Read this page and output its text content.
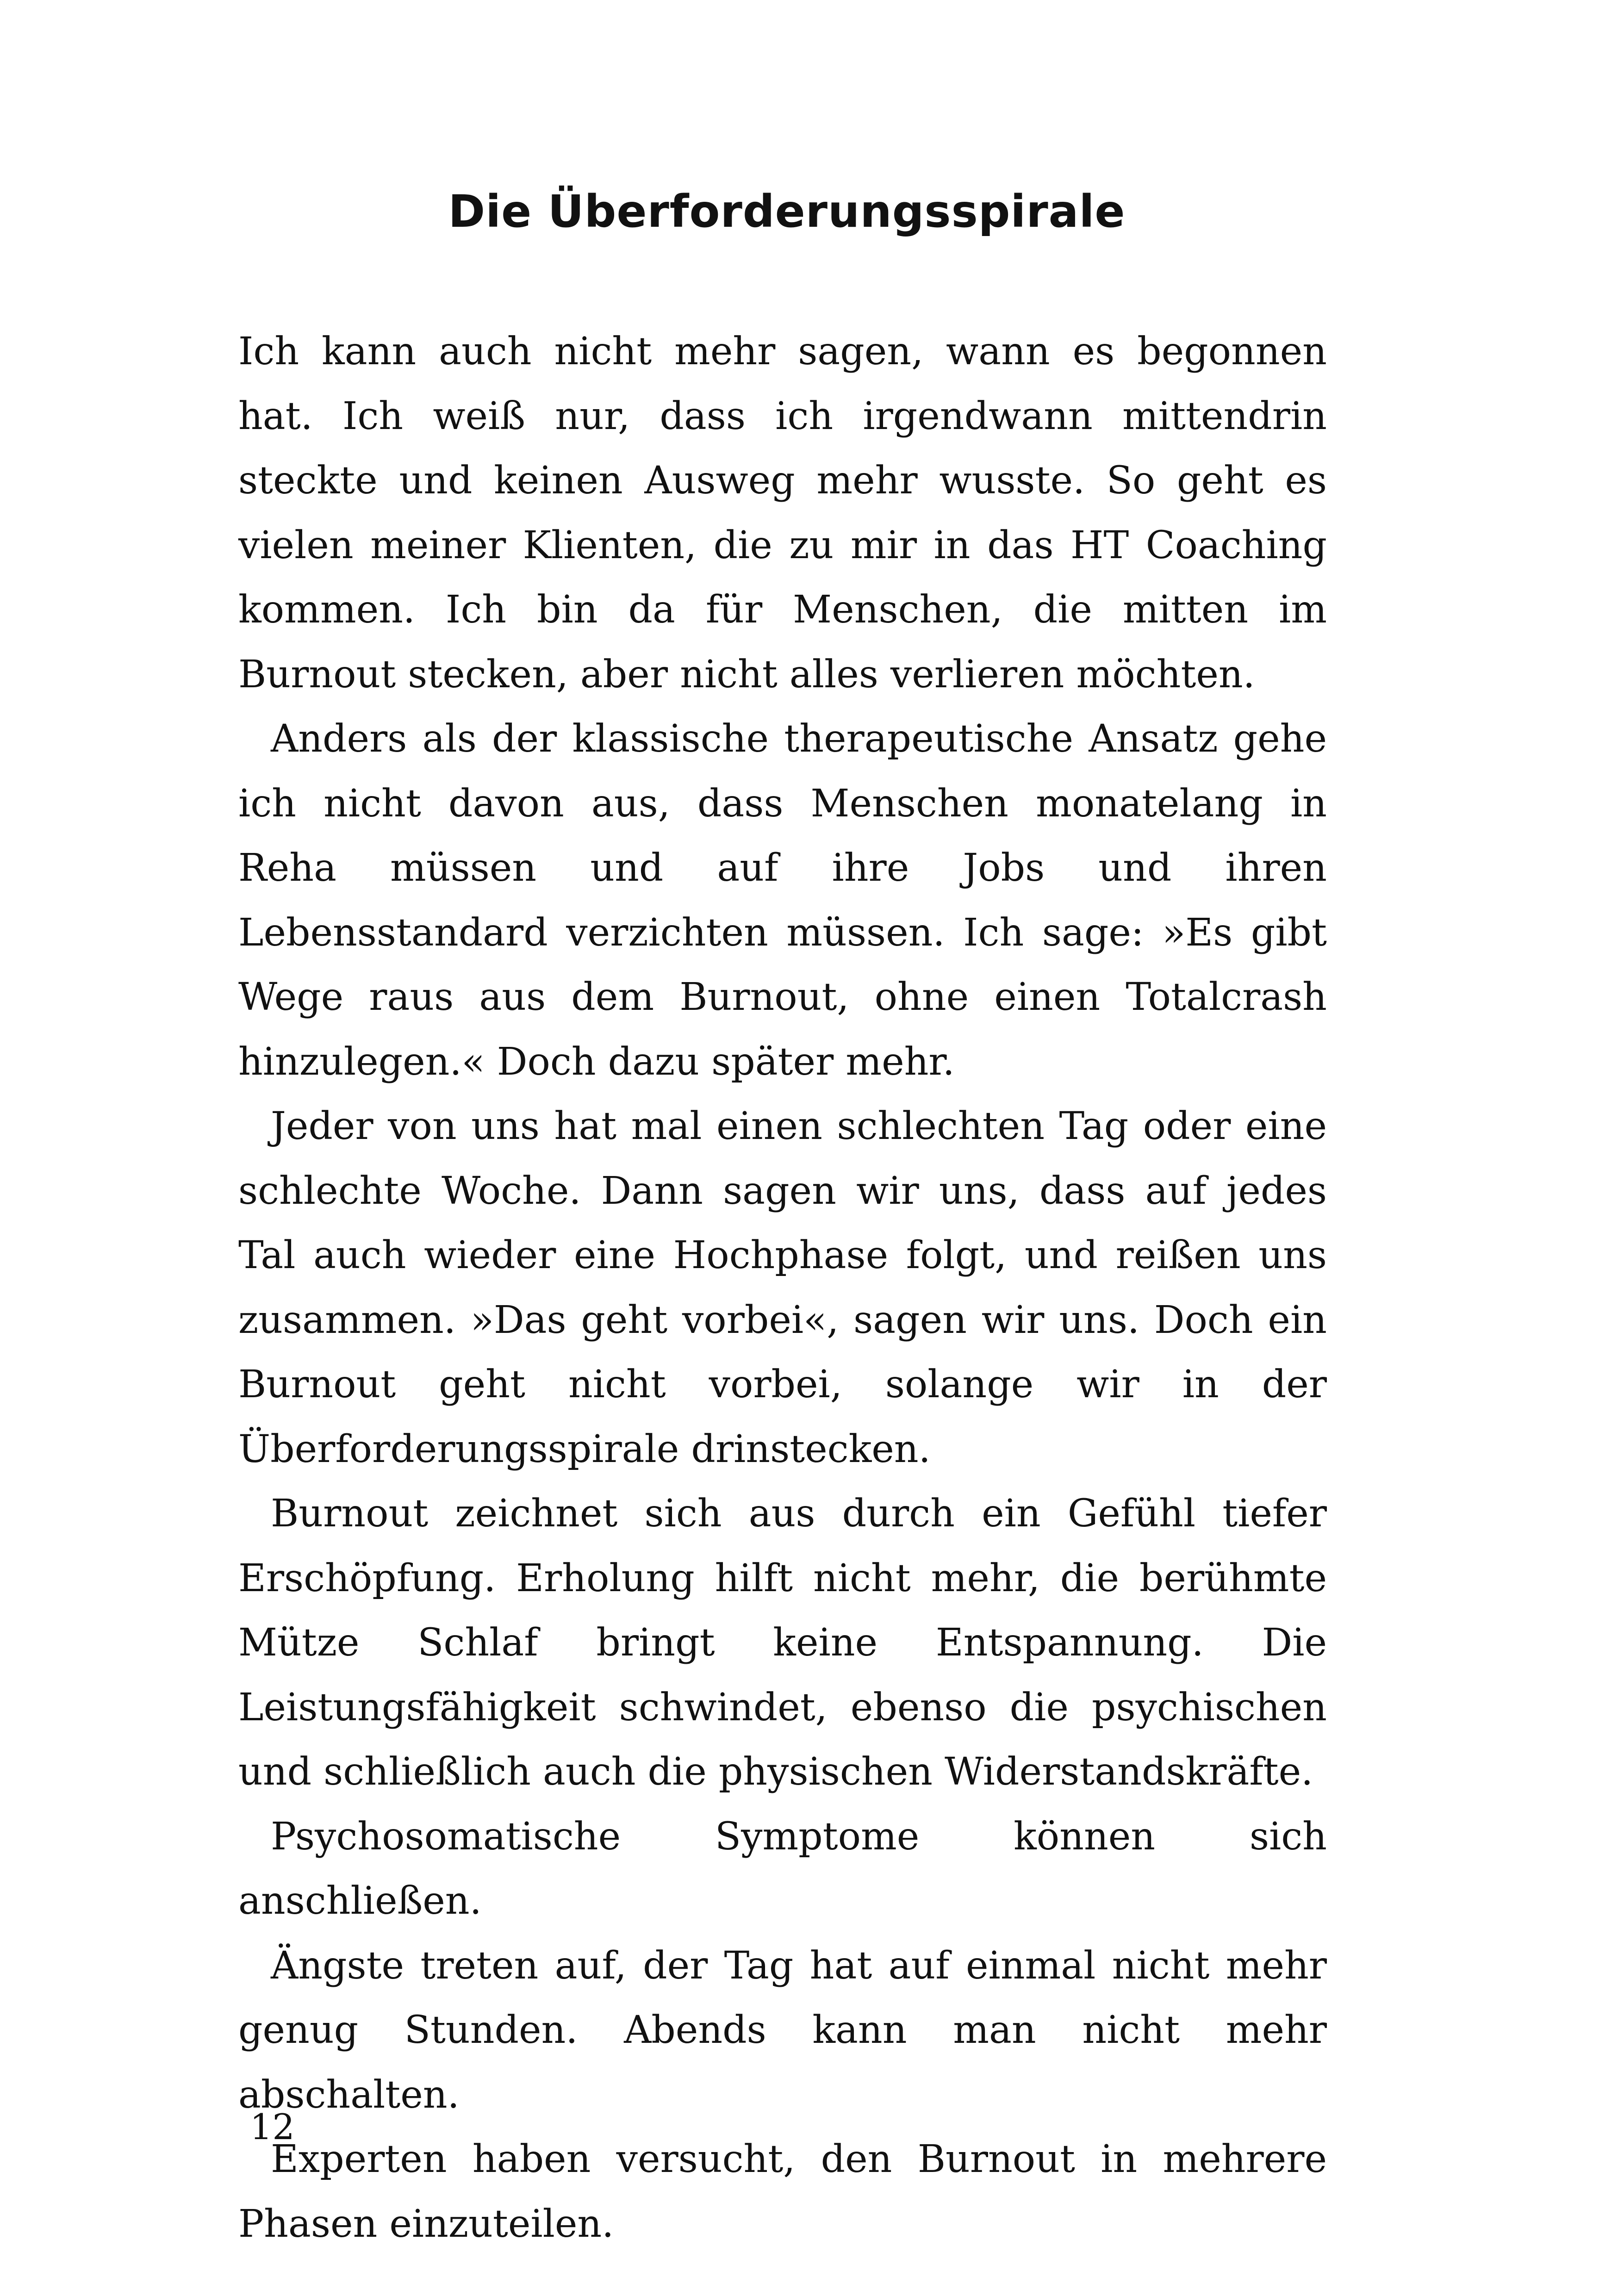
Die Überforderungsspirale

Ich kann auch nicht mehr sagen, wann es begonnen hat. Ich weiß nur, dass ich irgendwann mittendrin steckte und keinen Ausweg mehr wusste. So geht es vielen meiner Klienten, die zu mir in das HT Coaching kommen. Ich bin da für Menschen, die mitten im Burnout stecken, aber nicht alles verlieren möchten.

Anders als der klassische therapeutische Ansatz gehe ich nicht davon aus, dass Menschen monatelang in Reha müssen und auf ihre Jobs und ihren Lebensstandard verzichten müssen. Ich sage: »Es gibt Wege raus aus dem Burnout, ohne einen Totalcrash hinzulegen.« Doch dazu später mehr.

Jeder von uns hat mal einen schlechten Tag oder eine schlechte Woche. Dann sagen wir uns, dass auf jedes Tal auch wieder eine Hochphase folgt, und reißen uns zusammen. »Das geht vorbei«, sagen wir uns. Doch ein Burnout geht nicht vorbei, solange wir in der Überforderungsspirale drinstecken.

Burnout zeichnet sich aus durch ein Gefühl tiefer Erschöpfung. Erholung hilft nicht mehr, die berühmte Mütze Schlaf bringt keine Entspannung. Die Leistungsfähigkeit schwindet, ebenso die psychischen und schließlich auch die physischen Widerstandskräfte.

Psychosomatische Symptome können sich anschließen.

Ängste treten auf, der Tag hat auf einmal nicht mehr genug Stunden. Abends kann man nicht mehr abschalten.

Experten haben versucht, den Burnout in mehrere Phasen einzuteilen.

12
